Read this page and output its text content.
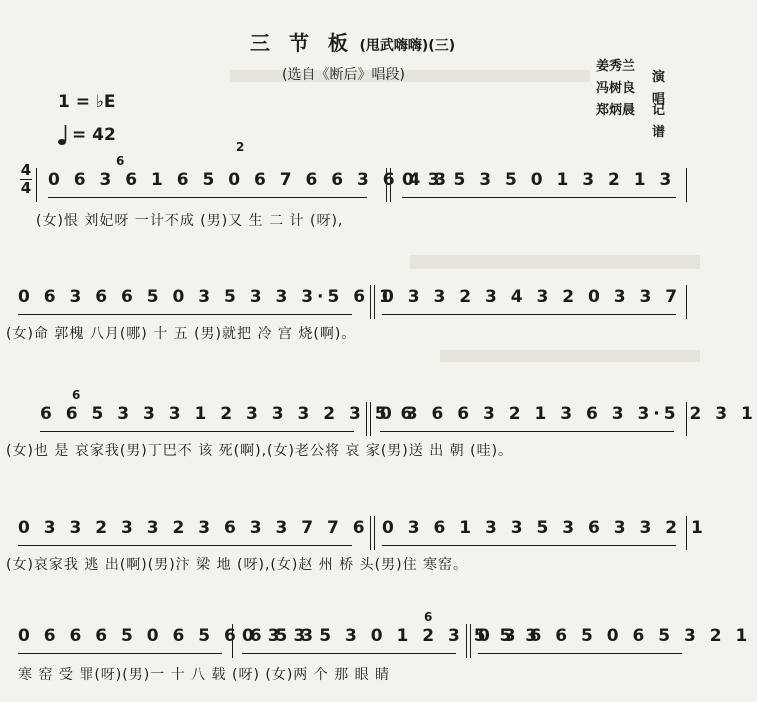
三 节 板 (甩武嗨嗨)(三)
(选自《断后》唱段)
姜秀兰
冯树良
演唱
郑炳晨 记谱
1 = ♭E
= 42
4
4 0 6 3 6 1 6 5 0 6 7 6 6 3 6 4 3
0 3 5 3 5 0 1 3 2 1 3
6
2
(女)恨 刘妃呀 一计不成 (男)又 生 二 计 (呀),
0 6 3 6 6 5 0 3 5 3 3 3·5 6 1
0 3 3 2 3 4 3 2 0 3 3 7
(女)命 郭槐 八月(哪) 十 五 (男)就把 冷 宫 烧(啊)。
6 6 5 3 3 3 1 2 3 3 3 2 3 5 6
0 3 6 6 3 2 1 3 6 3 3·5 2 3 1
6
(女)也 是 哀家我(男)丁巴不 该 死(啊),(女)老公将 哀 家(男)送 出 朝 (哇)。
0 3 3 2 3 3 2 3 6 3 3 7 7 6 0 3 6 1 3 3 5 3 6 3 3 2 1
(女)哀家我 逃 出(啊)(男)汴 梁 地 (呀),(女)赵 州 桥 头(男)住 寒窑。
0 6 6 6 5 0 6 5 6 6 5 3
0 3 3 5 3 0 1 2 3 5 5 3
0 3 6 6 5 0 6 5 3 2 1
6
寒 窑 受 罪(呀)(男)一 十 八 载 (呀) (女)两 个 那 眼 睛
